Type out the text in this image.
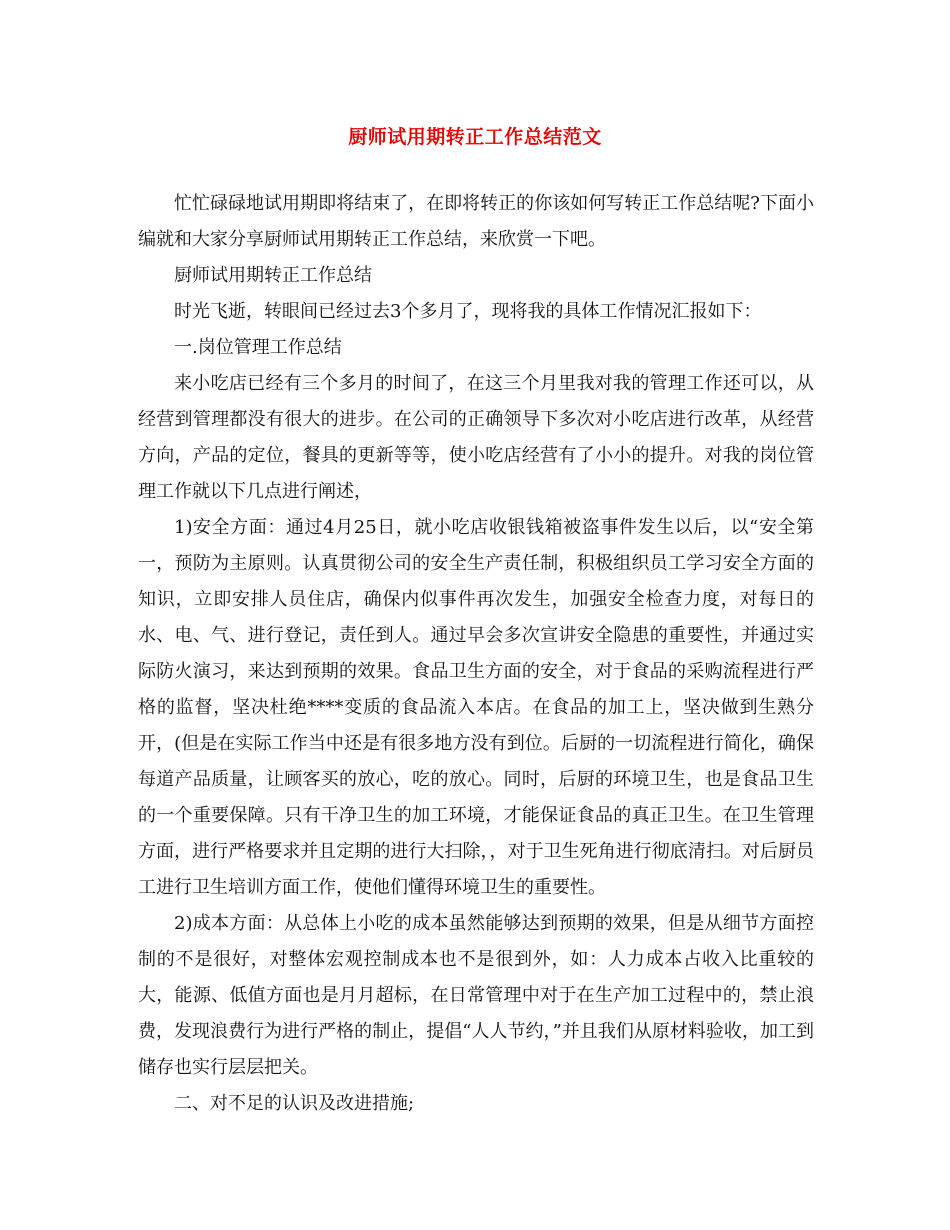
厨师试用期转正工作总结范文

忙忙碌碌地试用期即将结束了，在即将转正的你该如何写转正工作总结呢?下面小编就和大家分享厨师试用期转正工作总结，来欣赏一下吧。

厨师试用期转正工作总结

时光飞逝，转眼间已经过去3个多月了，现将我的具体工作情况汇报如下：

一.岗位管理工作总结

来小吃店已经有三个多月的时间了，在这三个月里我对我的管理工作还可以，从经营到管理都没有很大的进步。在公司的正确领导下多次对小吃店进行改革，从经营方向，产品的定位，餐具的更新等等，使小吃店经营有了小小的提升。对我的岗位管理工作就以下几点进行阐述，

1)安全方面：通过4月25日，就小吃店收银钱箱被盗事件发生以后，以“安全第一，预防为主原则。认真贯彻公司的安全生产责任制，积极组织员工学习安全方面的知识，立即安排人员住店，确保内似事件再次发生，加强安全检查力度，对每日的水、电、气、进行登记，责任到人。通过早会多次宣讲安全隐患的重要性，并通过实际防火演习，来达到预期的效果。食品卫生方面的安全，对于食品的采购流程进行严格的监督，坚决杜绝****变质的食品流入本店。在食品的加工上，坚决做到生熟分开，(但是在实际工作当中还是有很多地方没有到位。后厨的一切流程进行简化，确保每道产品质量，让顾客买的放心，吃的放心。同时，后厨的环境卫生，也是食品卫生的一个重要保障。只有干净卫生的加工环境，才能保证食品的真正卫生。在卫生管理方面，进行严格要求并且定期的进行大扫除，，对于卫生死角进行彻底清扫。对后厨员工进行卫生培训方面工作，使他们懂得环境卫生的重要性。

2)成本方面：从总体上小吃的成本虽然能够达到预期的效果，但是从细节方面控制的不是很好，对整体宏观控制成本也不是很到外，如：人力成本占收入比重较的大，能源、低值方面也是月月超标，在日常管理中对于在生产加工过程中的，禁止浪费，发现浪费行为进行严格的制止，提倡“人人节约，”并且我们从原材料验收，加工到储存也实行层层把关。

二、对不足的认识及改进措施;
